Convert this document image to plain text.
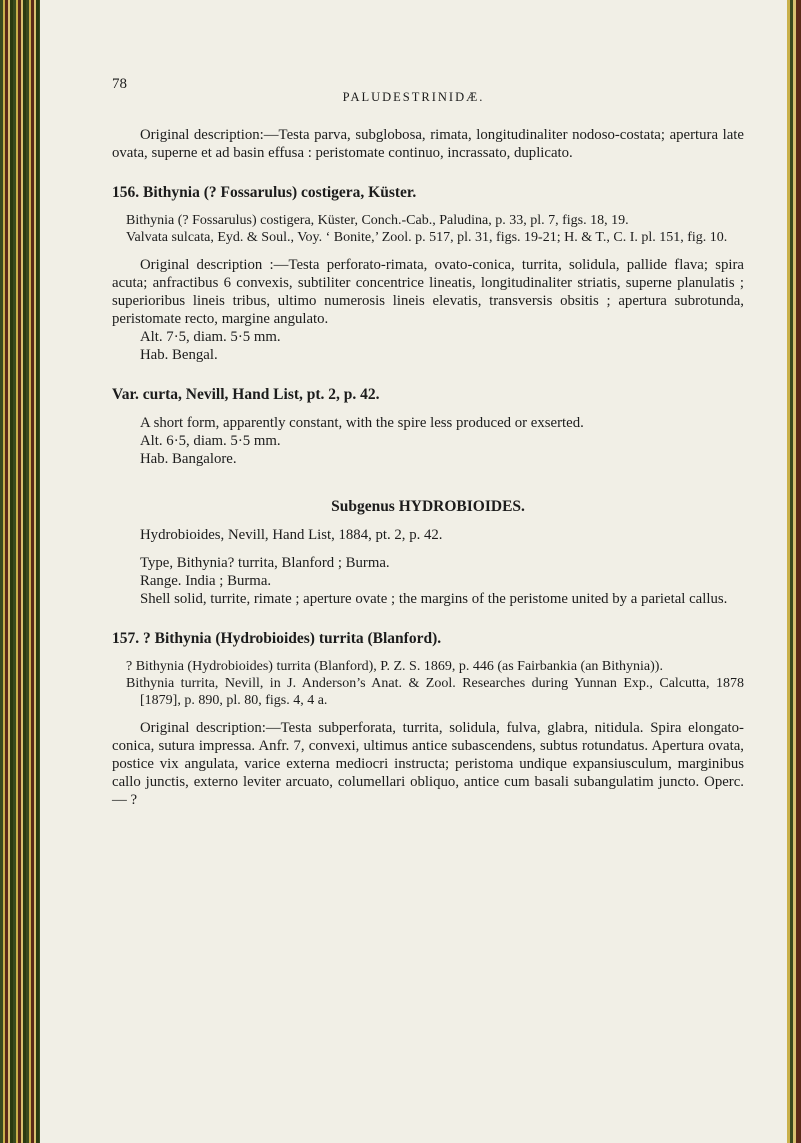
78
PALUDESTRINIDÆ.

Original description:—Testa parva, subglobosa, rimata, longitudinaliter nodoso-costata; apertura late ovata, superne et ad basin effusa : peristomate continuo, incrassato, duplicato.

156. Bithynia (? Fossarulus) costigera, Küster.

Bithynia (? Fossarulus) costigera, Küster, Conch.-Cab., Paludina, p. 33, pl. 7, figs. 18, 19.

Valvata sulcata, Eyd. & Soul., Voy. ‘ Bonite,’ Zool. p. 517, pl. 31, figs. 19-21; H. & T., C. I. pl. 151, fig. 10.

Original description :—Testa perforato-rimata, ovato-conica, turrita, solidula, pallide flava; spira acuta; anfractibus 6 convexis, subtiliter concentrice lineatis, longitudinaliter striatis, superne planulatis ; superioribus lineis tribus, ultimo numerosis lineis elevatis, transversis obsitis ; apertura subrotunda, peristomate recto, margine angulato.

Alt. 7·5, diam. 5·5 mm.

Hab. Bengal.

Var. curta, Nevill, Hand List, pt. 2, p. 42.

A short form, apparently constant, with the spire less produced or exserted.

Alt. 6·5, diam. 5·5 mm.

Hab. Bangalore.

Subgenus HYDROBIOIDES.

Hydrobioides, Nevill, Hand List, 1884, pt. 2, p. 42.

Type, Bithynia? turrita, Blanford ; Burma.

Range. India ; Burma.

Shell solid, turrite, rimate ; aperture ovate ; the margins of the peristome united by a parietal callus.

157. ? Bithynia (Hydrobioides) turrita (Blanford).

? Bithynia (Hydrobioides) turrita (Blanford), P. Z. S. 1869, p. 446 (as Fairbankia (an Bithynia)).

Bithynia turrita, Nevill, in J. Anderson’s Anat. & Zool. Researches during Yunnan Exp., Calcutta, 1878 [1879], p. 890, pl. 80, figs. 4, 4 a.

Original description:—Testa subperforata, turrita, solidula, fulva, glabra, nitidula. Spira elongato-conica, sutura impressa. Anfr. 7, convexi, ultimus antice subascendens, subtus rotundatus. Apertura ovata, postice vix angulata, varice externa mediocri instructa; peristoma undique expansiusculum, marginibus callo junctis, externo leviter arcuato, columellari obliquo, antice cum basali subangulatim juncto. Operc.— ?
